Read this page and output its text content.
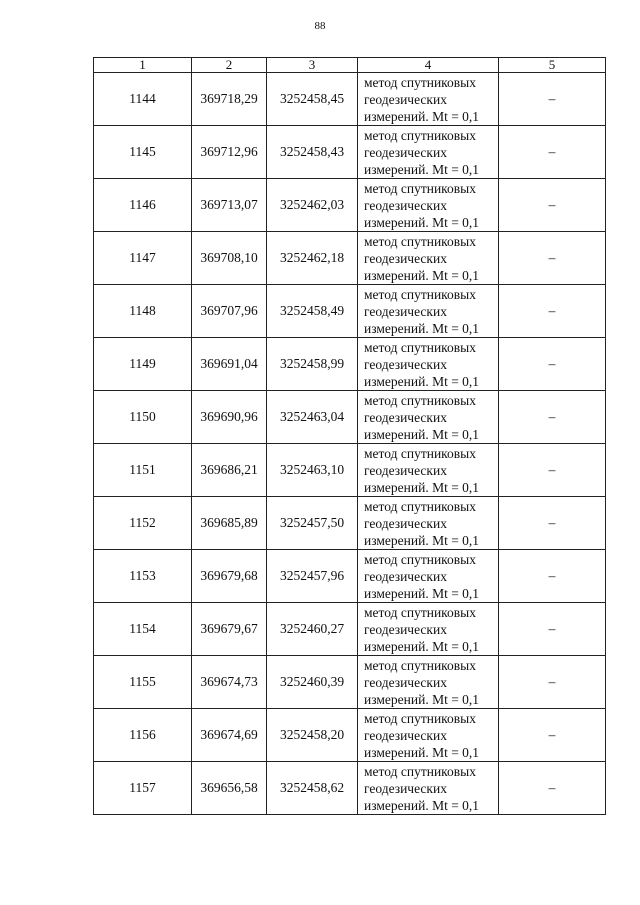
88
1	2	3	4	5
1144	369718,29	3252458,45	метод спутниковых
геодезических
измерений. Mt = 0,1	–
1145	369712,96	3252458,43	метод спутниковых
геодезических
измерений. Mt = 0,1	–
1146	369713,07	3252462,03	метод спутниковых
геодезических
измерений. Mt = 0,1	–
1147	369708,10	3252462,18	метод спутниковых
геодезических
измерений. Mt = 0,1	–
1148	369707,96	3252458,49	метод спутниковых
геодезических
измерений. Mt = 0,1	–
1149	369691,04	3252458,99	метод спутниковых
геодезических
измерений. Mt = 0,1	–
1150	369690,96	3252463,04	метод спутниковых
геодезических
измерений. Mt = 0,1	–
1151	369686,21	3252463,10	метод спутниковых
геодезических
измерений. Mt = 0,1	–
1152	369685,89	3252457,50	метод спутниковых
геодезических
измерений. Mt = 0,1	–
1153	369679,68	3252457,96	метод спутниковых
геодезических
измерений. Mt = 0,1	–
1154	369679,67	3252460,27	метод спутниковых
геодезических
измерений. Mt = 0,1	–
1155	369674,73	3252460,39	метод спутниковых
геодезических
измерений. Mt = 0,1	–
1156	369674,69	3252458,20	метод спутниковых
геодезических
измерений. Mt = 0,1	–
1157	369656,58	3252458,62	метод спутниковых
геодезических
измерений. Mt = 0,1	–
